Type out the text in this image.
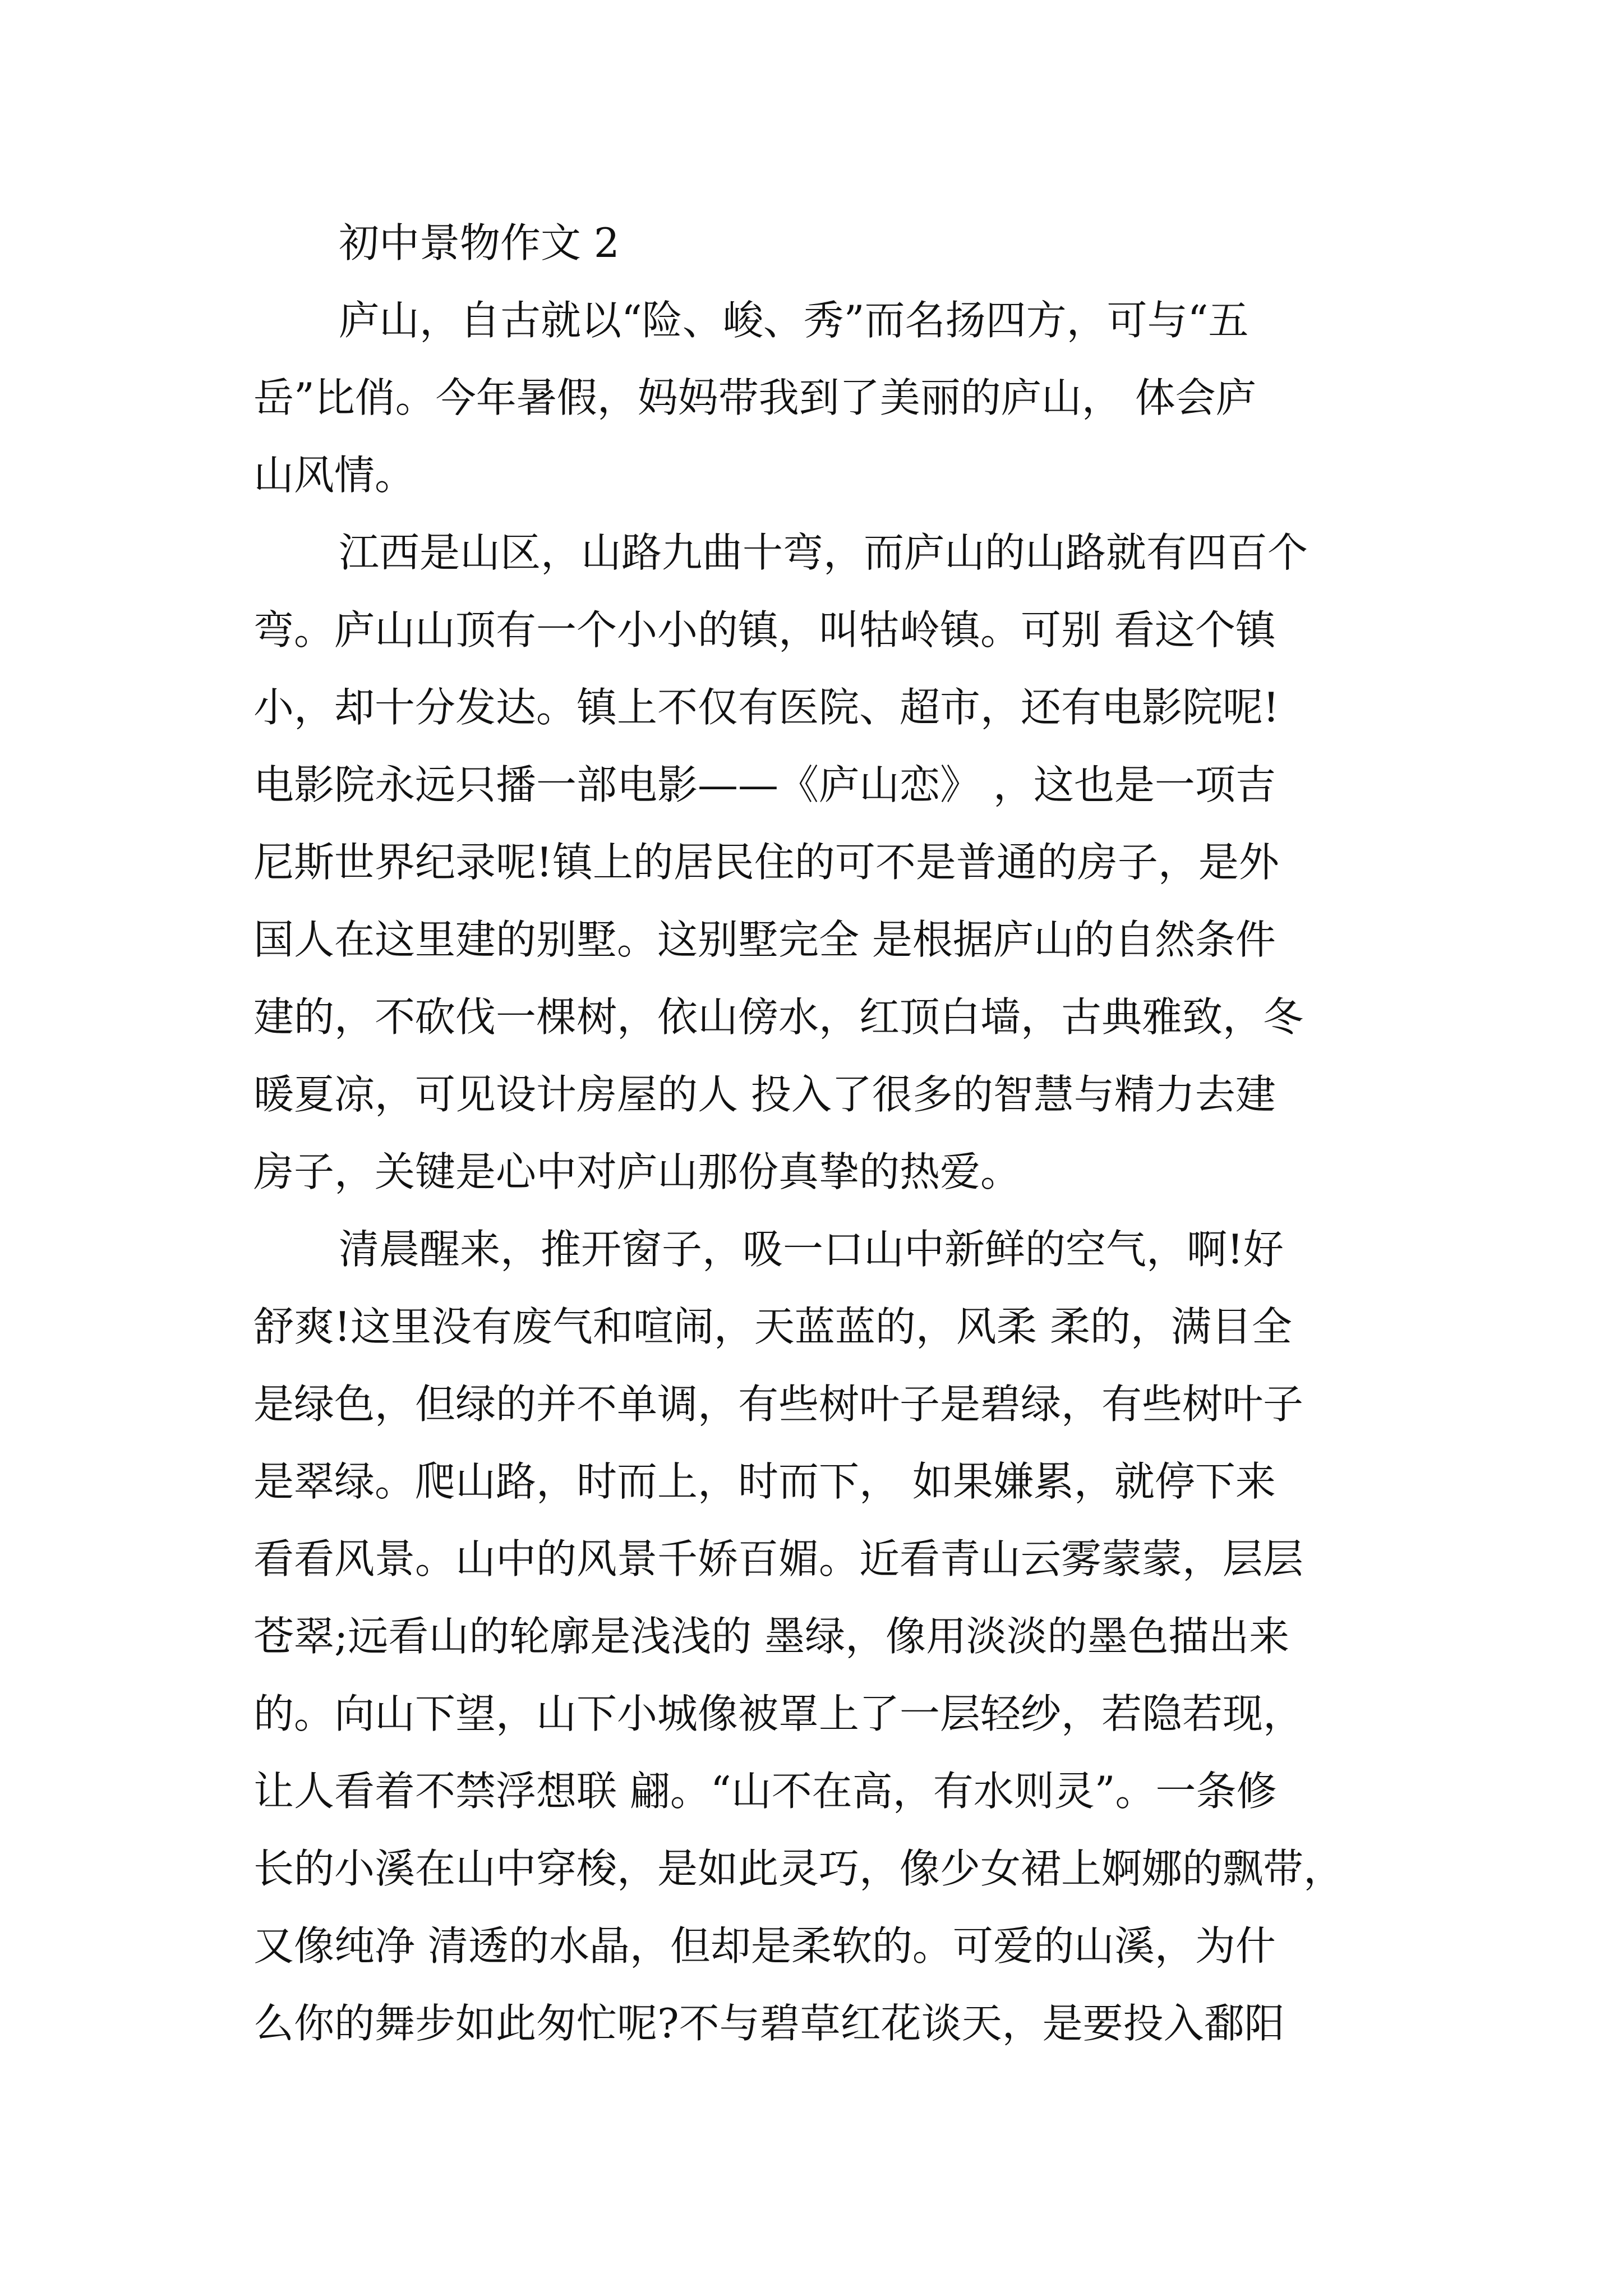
初中景物作文 2
庐山，自古就以“险、峻、秀”而名扬四方，可与“五
岳”比俏。今年暑假，妈妈带我到了美丽的庐山， 体会庐
山风情。
江西是山区，山路九曲十弯，而庐山的山路就有四百个
弯。庐山山顶有一个小小的镇，叫牯岭镇。可别 看这个镇
小，却十分发达。镇上不仅有医院、超市，还有电影院呢!
电影院永远只播一部电影——《庐山恋》 ，这也是一项吉
尼斯世界纪录呢!镇上的居民住的可不是普通的房子，是外
国人在这里建的别墅。这别墅完全 是根据庐山的自然条件
建的，不砍伐一棵树，依山傍水，红顶白墙，古典雅致，冬
暖夏凉，可见设计房屋的人 投入了很多的智慧与精力去建
房子，关键是心中对庐山那份真挚的热爱。
清晨醒来，推开窗子，吸一口山中新鲜的空气，啊!好
舒爽!这里没有废气和喧闹，天蓝蓝的，风柔 柔的，满目全
是绿色，但绿的并不单调，有些树叶子是碧绿，有些树叶子
是翠绿。爬山路，时而上，时而下， 如果嫌累，就停下来
看看风景。山中的风景千娇百媚。近看青山云雾蒙蒙，层层
苍翠;远看山的轮廓是浅浅的 墨绿，像用淡淡的墨色描出来
的。向山下望，山下小城像被罩上了一层轻纱，若隐若现，
让人看着不禁浮想联 翩。“山不在高，有水则灵”。一条修
长的小溪在山中穿梭，是如此灵巧，像少女裙上婀娜的飘带，
又像纯净 清透的水晶，但却是柔软的。可爱的山溪，为什
么你的舞步如此匆忙呢?不与碧草红花谈天，是要投入鄱阳
